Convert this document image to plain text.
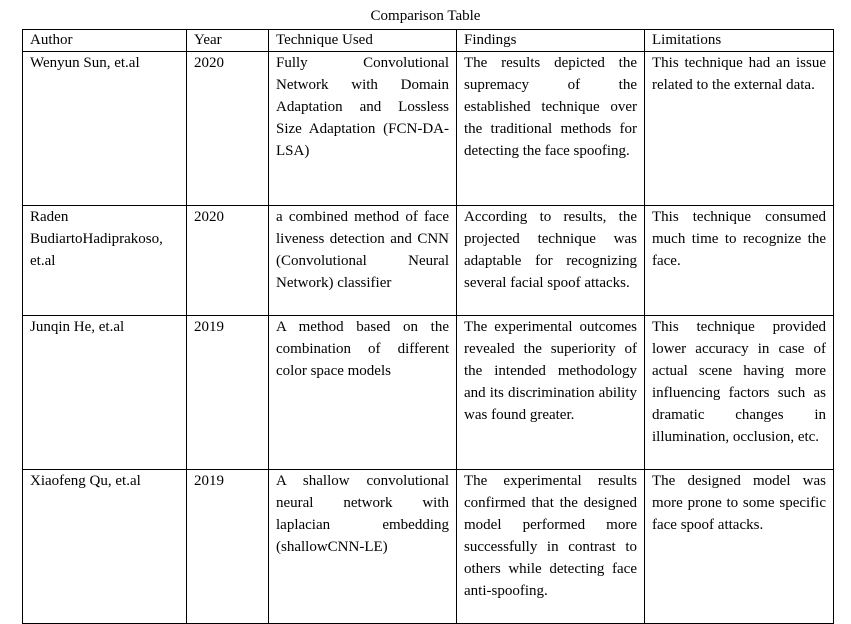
Comparison Table
Author	Year	Technique Used	Findings	Limitations
Wenyun Sun, et.al	2020	Fully Convolutional Network with Domain Adaptation and Lossless Size Adaptation (FCN-DA-LSA)	The results depicted the supremacy of the established technique over the traditional methods for detecting the face spoofing.	This technique had an issue related to the external data.
Raden BudiartoHadiprakoso, et.al	2020	a combined method of face liveness detection and CNN (Convolutional Neural Network) classifier	According to results, the projected technique was adaptable for recognizing several facial spoof attacks.	This technique consumed much time to recognize the face.
Junqin He, et.al	2019	A method based on the combination of different color space models	The experimental outcomes revealed the superiority of the intended methodology and its discrimination ability was found greater.	This technique provided lower accuracy in case of actual scene having more influencing factors such as dramatic changes in illumination, occlusion, etc.
Xiaofeng Qu, et.al	2019	A shallow convolutional neural network with laplacian embedding (shallowCNN-LE)	The experimental results confirmed that the designed model performed more successfully in contrast to others while detecting face anti-spoofing.	The designed model was more prone to some specific face spoof attacks.
